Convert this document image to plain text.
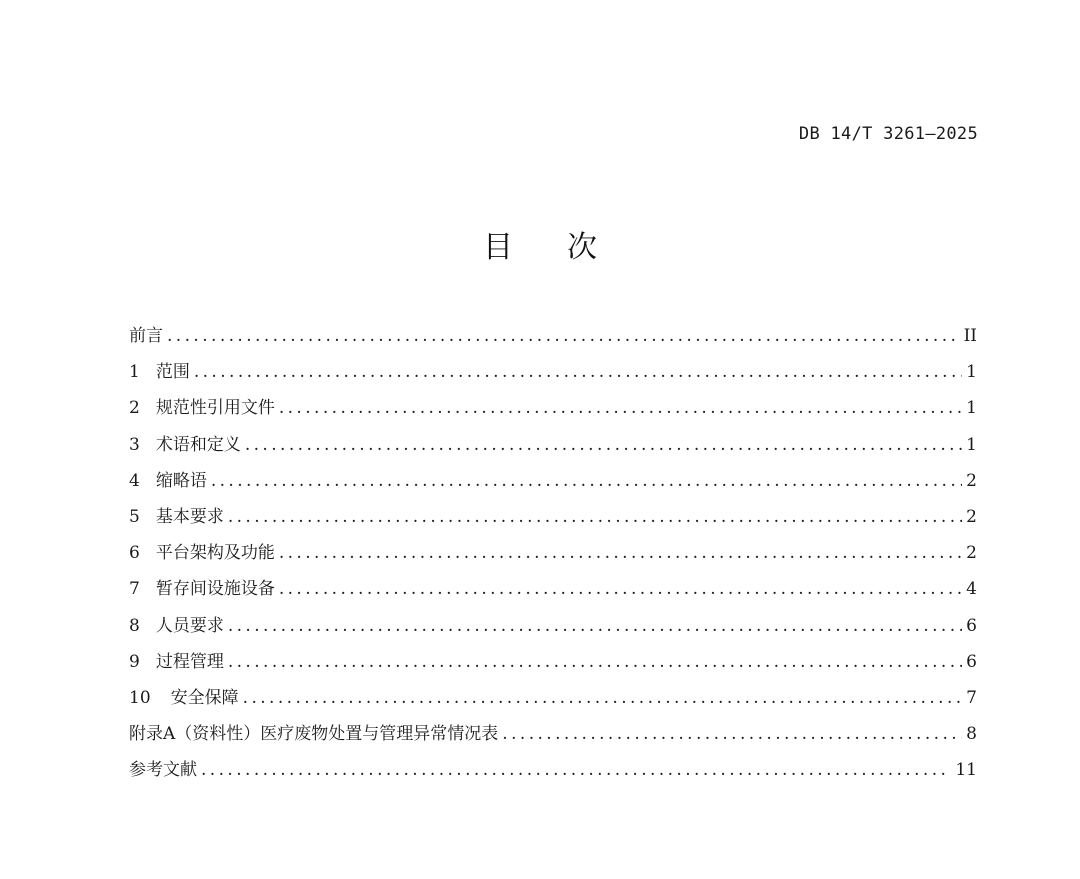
DB 14/T 3261—2025
目 次
前言 .....	II
1 范围 .....	1
2 规范性引用文件 .....	1
3 术语和定义 .....	1
4 缩略语 .....	2
5 基本要求 .....	2
6 平台架构及功能 .....	2
7 暂存间设施设备 .....	4
8 人员要求 .....	6
9 过程管理 .....	6
10 安全保障 .....	7
附录A（资料性）医疗废物处置与管理异常情况表 .....	8
参考文献 .....	11
